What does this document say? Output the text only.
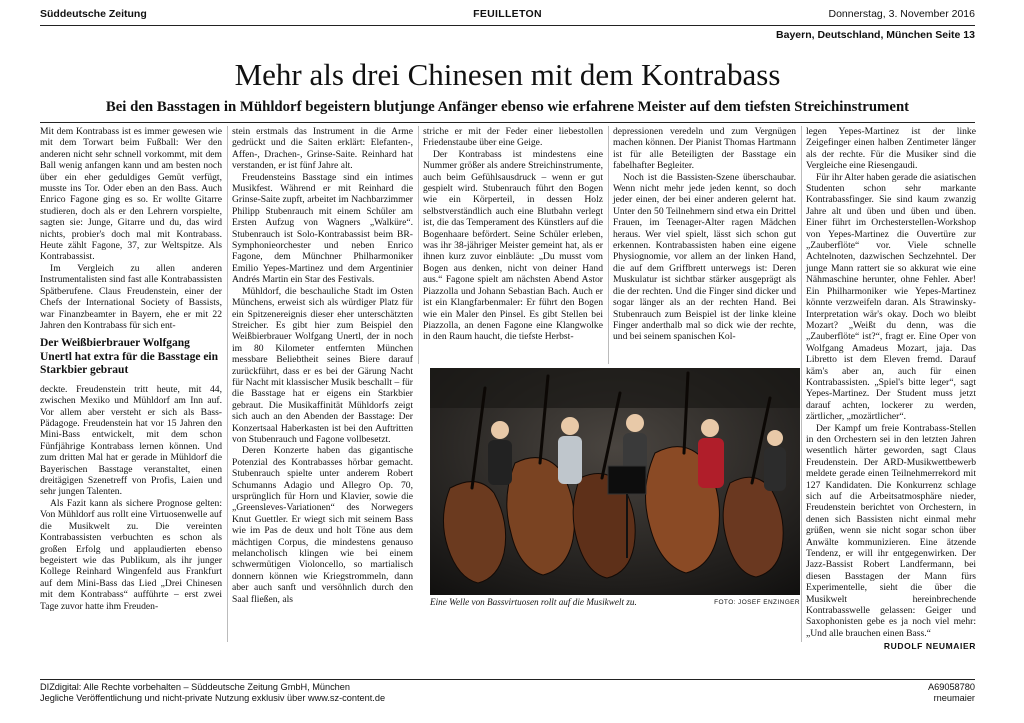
Süddeutsche Zeitung	FEUILLETON	Donnerstag, 3. November 2016
Bayern, Deutschland, München Seite 13
Mehr als drei Chinesen mit dem Kontrabass
Bei den Basstagen in Mühldorf begeistern blutjunge Anfänger ebenso wie erfahrene Meister auf dem tiefsten Streichinstrument

Mit dem Kontrabass ist es immer gewesen wie mit dem Torwart beim Fußball: Wer den anderen nicht sehr schnell vorkommt, mit dem Ball wenig anfangen kann und am besten noch über ein eher geduldiges Gemüt verfügt, musste ins Tor. Oder eben an den Bass. Auch Enrico Fagone ging es so. Er wollte Gitarre studieren, doch als er den Lehrern vorspielte, sagten sie: Junge, Gitarre und du, das wird nichts, probier's doch mal mit Kontrabass. Heute zählt Fagone, 37, zur Weltspitze. Als Kontrabassist.

Im Vergleich zu allen anderen Instrumentalisten sind fast alle Kontrabassisten Spätberufene. Claus Freudenstein, einer der Chefs der International Society of Bassists, war Finanzbeamter in Bayern, ehe er mit 22 Jahren den Kontrabass für sich ent-

Der Weißbierbrauer Wolfgang Unertl hat extra für die Basstage ein Starkbier gebraut

deckte. Freudenstein tritt heute, mit 44, zwischen Mexiko und Mühldorf am Inn auf. Vor allem aber versteht er sich als Bass-Pädagoge. Freudenstein hat vor 15 Jahren den Mini-Bass entwickelt, mit dem schon Fünfjährige Kontrabass lernen können. Und zum dritten Mal hat er gerade in Mühldorf die Bayerischen Basstage veranstaltet, einen dreitägigen Szenetreff von Profis, Laien und sehr jungen Talenten.

Als Fazit kann als sichere Prognose gelten: Von Mühldorf aus rollt eine Virtuosenwelle auf die Musikwelt zu. Die vereinten Kontrabassisten verbuchten es schon als großen Erfolg und applaudierten ebenso begeistert wie das Publikum, als ihr junger Kollege Reinhard Wingenfeld aus Frankfurt auf dem Mini-Bass das Lied „Drei Chinesen mit dem Kontrabass“ aufführte – erst zwei Tage zuvor hatte ihm Freuden-

stein erstmals das Instrument in die Arme gedrückt und die Saiten erklärt: Elefanten-, Affen-, Drachen-, Grinse-Saite. Reinhard hat verstanden, er ist fünf Jahre alt.

Freudensteins Basstage sind ein intimes Musikfest. Während er mit Reinhard die Grinse-Saite zupft, arbeitet im Nachbarzimmer Philipp Stubenrauch mit einem Schüler am Ersten Aufzug von Wagners „Walküre“. Stubenrauch ist Solo-Kontrabassist beim BR-Symphonieorchester und neben Enrico Fagone, dem Münchner Philharmoniker Emilio Yepes-Martinez und dem Argentinier Andrés Martin ein Star des Festivals.

Mühldorf, die beschauliche Stadt im Osten Münchens, erweist sich als würdiger Platz für ein Spitzenereignis dieser eher unterschätzten Streicher. Es gibt hier zum Beispiel den Weißbierbrauer Wolfgang Unertl, der in noch im 80 Kilometer entfernten München messbare Beliebtheit seines Biere darauf zurückführt, dass er es bei der Gärung Nacht für Nacht mit klassischer Musik beschallt – für die Basstage hat er eigens ein Starkbier gebraut. Die Musikaffinität Mühldorfs zeigt sich auch an den Abenden der Basstage: Der Konzertsaal Haberkasten ist bei den Auftritten von Stubenrauch und Fagone vollbesetzt.

Deren Konzerte haben das gigantische Potenzial des Kontrabasses hörbar gemacht. Stubenrauch spielte unter anderem Robert Schumanns Adagio und Allegro Op. 70, ursprünglich für Horn und Klavier, sowie die „Greensleves-Variationen“ des Norwegers Knut Guettler. Er wiegt sich mit seinem Bass wie im Pas de deux und holt Töne aus dem mächtigen Corpus, die mindestens genauso melancholisch klingen wie bei einem schwermütigen Violoncello, so martialisch donnern können wie Kriegstrommeln, dann aber auch sanft und versöhnlich durch den Saal fließen, als

striche er mit der Feder einer liebestollen Friedenstaube über eine Geige.

Der Kontrabass ist mindestens eine Nummer größer als andere Streichinstrumente, auch beim Gefühlsausdruck – wenn er gut gespielt wird. Stubenrauch führt den Bogen wie ein Körperteil, in dessen Holz selbstverständlich auch eine Blutbahn verlegt ist, die das Temperament des Künstlers auf die Bogenhaare befördert. Seine Schüler erleben, was ihr 38-jähriger Meister gemeint hat, als er ihnen kurz zuvor einbläute: „Du musst vom Bogen aus denken, nicht von deiner Hand aus.“ Fagone spielt am nächsten Abend Astor Piazzolla und Johann Sebastian Bach. Auch er ist ein Klangfarbenmaler: Er führt den Bogen wie ein Maler den Pinsel. Es gibt Stellen bei Piazzolla, an denen Fagone eine Klangwolke in den Raum haucht, die tiefste Herbst-

depressionen veredeln und zum Vergnügen machen können. Der Pianist Thomas Hartmann ist für alle Beteiligten der Basstage ein fabelhafter Begleiter.

Noch ist die Bassisten-Szene überschaubar. Wenn nicht mehr jede jeden kennt, so doch jeder einen, der bei einer anderen gelernt hat. Unter den 50 Teilnehmern sind etwa ein Drittel Frauen, im Teenager-Alter ragen Mädchen heraus. Wer viel spielt, lässt sich schon gut erkennen. Kontrabassisten haben eine eigene Physiognomie, vor allem an der linken Hand, die auf dem Griffbrett unterwegs ist: Deren Muskulatur ist sichtbar stärker ausgeprägt als die der rechten. Und die Finger sind dicker und sogar länger als an der rechten Hand. Bei Stubenrauch zum Beispiel ist der linke kleine Finger anderthalb mal so dick wie der rechte, und bei seinem spanischen Kol-

legen Yepes-Martinez ist der linke Zeigefinger einen halben Zentimeter länger als der rechte. Für die Musiker sind die Vergleiche eine Riesengaudi.

Für ihr Alter haben gerade die asiatischen Studenten schon sehr markante Kontrabassfinger. Sie sind kaum zwanzig Jahre alt und üben und üben und üben. Einer führt im Orchesterstellen-Workshop von Yepes-Martinez die Ouvertüre zur „Zauberflöte“ vor. Viele schnelle Achtelnoten, dazwischen Sechzehntel. Der junge Mann rattert sie so akkurat wie eine Nähmaschine herunter, ohne Fehler. Aber! Ein Philharmoniker wie Yepes-Martinez könnte verzweifeln daran. Als Strawinsky-Interpretation wär's okay. Doch wo bleibt Mozart? „Weißt du denn, was die „Zauberflöte“ ist?“, fragt er. Eine Oper von Wolfgang Amadeus Mozart, jaja. Das Libretto ist dem Eleven fremd. Darauf käm's aber an, auch für einen Kontrabassisten. „Spiel's bitte leger“, sagt Yepes-Martinez. Der Student muss jetzt darauf achten, lockerer zu werden, zärtlicher, „mozärtlicher“.

Der Kampf um freie Kontrabass-Stellen in den Orchestern sei in den letzten Jahren wesentlich härter geworden, sagt Claus Freudenstein. Der ARD-Musikwettbewerb meldete gerade einen Teilnehmerrekord mit 127 Kandidaten. Die Konkurrenz schlage sich auf die Arbeitsatmosphäre nieder, Freudenstein berichtet von Orchestern, in denen sich Bassisten nicht einmal mehr grüßen, wenn sie nicht sogar schon über Anwälte kommunizieren. Eine ätzende Tendenz, er will ihr entgegenwirken. Der Jazz-Bassist Robert Landfermann, bei diesen Basstagen der Mann fürs Experimentelle, sieht die über die Musikwelt hereinbrechende Kontrabasswelle gelassen: Geiger und Saxophonisten gebe es ja noch viel mehr: „Und alle brauchen einen Bass.“

RUDOLF NEUMAIER
Eine Welle von Bassvirtuosen rollt auf die Musikwelt zu.	FOTO: JOSEF ENZINGER
DIZdigital: Alle Rechte vorbehalten – Süddeutsche Zeitung GmbH, München
Jegliche Veröffentlichung und nicht-private Nutzung exklusiv über www.sz-content.de
A69058780
rneumaier
